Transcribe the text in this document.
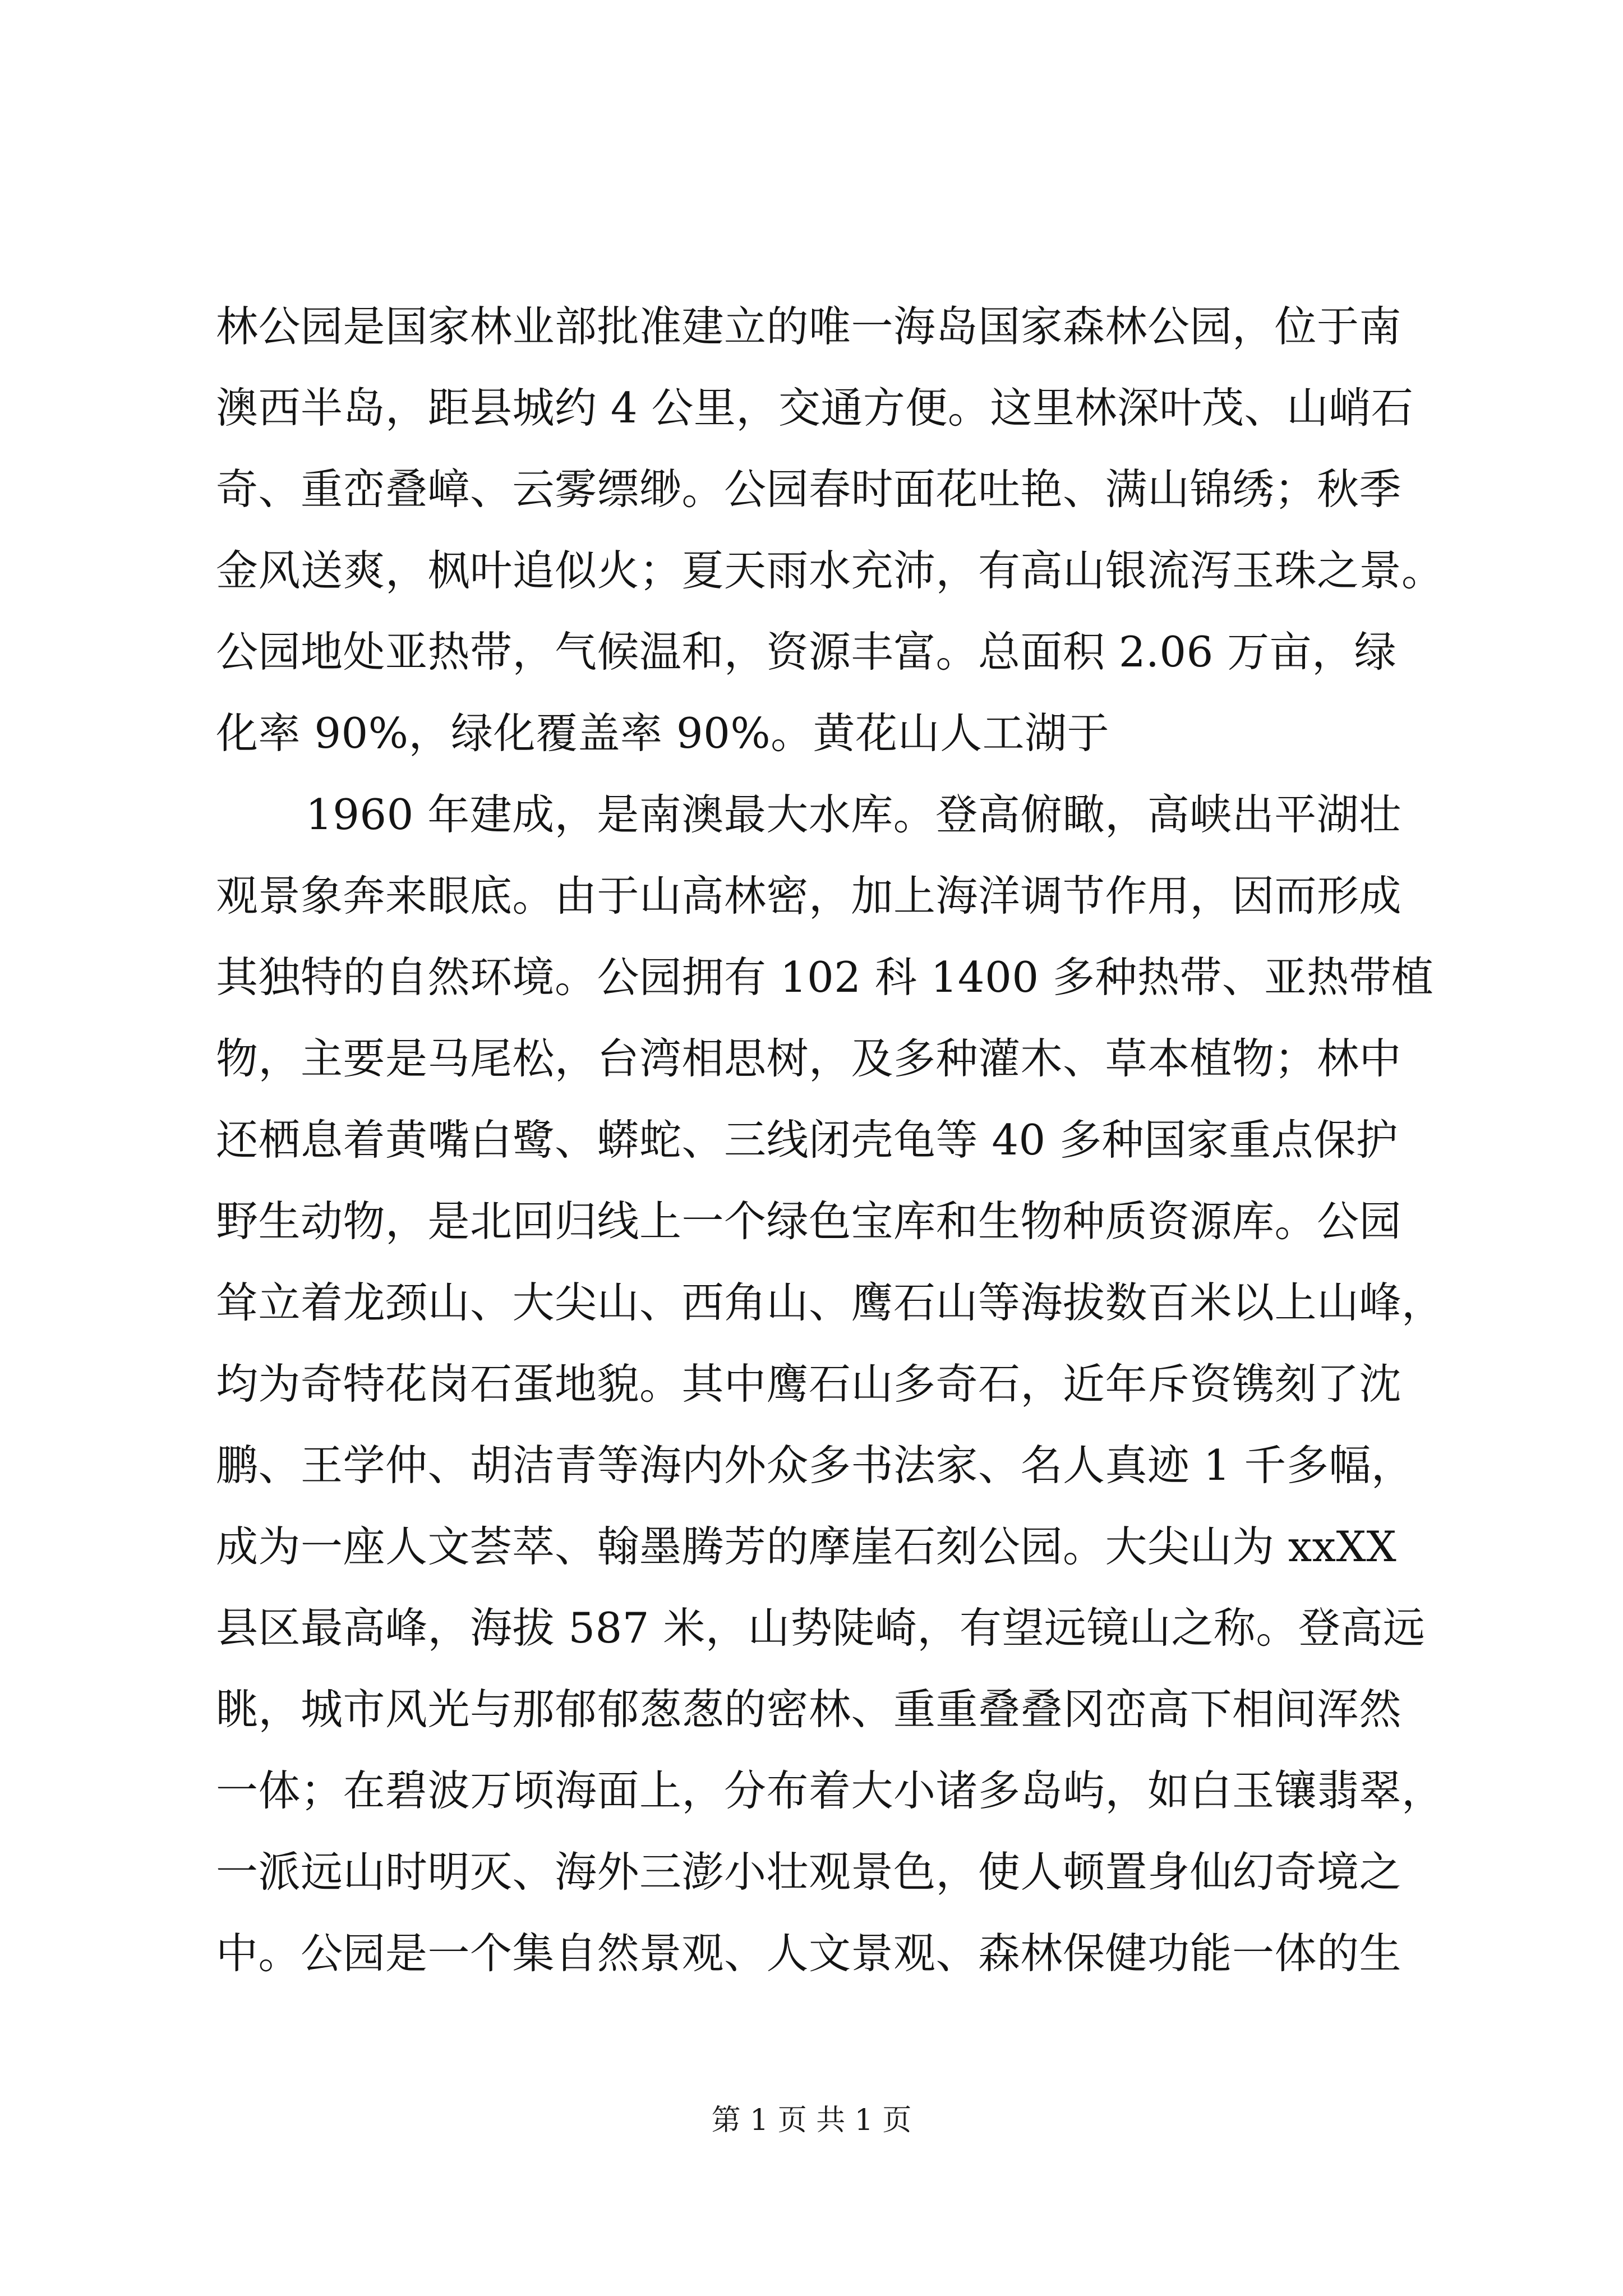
林公园是国家林业部批准建立的唯一海岛国家森林公园，位于南
澳西半岛，距县城约 4 公里，交通方便。这里林深叶茂、山峭石
奇、重峦叠嶂、云雾缥缈。公园春时面花吐艳、满山锦绣；秋季
金风送爽，枫叶追似火；夏天雨水充沛，有高山银流泻玉珠之景。
公园地处亚热带，气候温和，资源丰富。总面积 2.06 万亩，绿
化率 90%，绿化覆盖率 90%。黄花山人工湖于
1960 年建成，是南澳最大水库。登高俯瞰，高峡出平湖壮
观景象奔来眼底。由于山高林密，加上海洋调节作用，因而形成
其独特的自然环境。公园拥有 102 科 1400 多种热带、亚热带植
物，主要是马尾松，台湾相思树，及多种灌木、草本植物；林中
还栖息着黄嘴白鹭、蟒蛇、三线闭壳龟等 40 多种国家重点保护
野生动物，是北回归线上一个绿色宝库和生物种质资源库。公园
耸立着龙颈山、大尖山、西角山、鹰石山等海拔数百米以上山峰，
均为奇特花岗石蛋地貌。其中鹰石山多奇石，近年斥资镌刻了沈
鹏、王学仲、胡洁青等海内外众多书法家、名人真迹 1 千多幅，
成为一座人文荟萃、翰墨腾芳的摩崖石刻公园。大尖山为 xxXX
县区最高峰，海拔 587 米，山势陡崎，有望远镜山之称。登高远
眺，城市风光与那郁郁葱葱的密林、重重叠叠冈峦高下相间浑然
一体；在碧波万顷海面上，分布着大小诸多岛屿，如白玉镶翡翠，
一派远山时明灭、海外三澎小壮观景色，使人顿置身仙幻奇境之
中。公园是一个集自然景观、人文景观、森林保健功能一体的生
第 1 页 共 1 页
